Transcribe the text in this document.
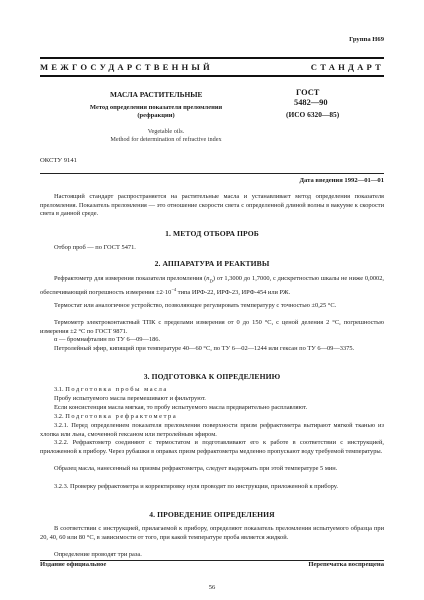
Группа Н69
МЕЖГОСУДАРСТВЕННЫЙ СТАНДАРТ
МАСЛА РАСТИТЕЛЬНЫЕ
Метод определения показателя преломления
(рефракции)
Vegetable oils.
Method for determination of refractive index
ГОСТ
5482—90
(ИСО 6320—85)
ОКСТУ 9141
Дата введения 1992—01—01
Настоящий стандарт распространяется на растительные масла и устанавливает метод определения показателя преломления. Показатель преломления — это отношение скорости света с определенной длиной волны в вакууме к скорости света в данной среде.
1. МЕТОД ОТБОРА ПРОБ
Отбор проб — по ГОСТ 5471.
2. АППАРАТУРА И РЕАКТИВЫ
Рефрактометр для измерения показателя преломления $(n_D)$ от 1,3000 до 1,7000, с дискретностью шкалы не ниже 0,0002, обеспечивающий погрешность измерения $\pm 2\cdot 10^{-4}$ типа ИРФ-22, ИРФ-23, ИРФ-454 или РЖ.
Термостат или аналогичное устройство, позволяющее регулировать температуру с точностью ±0,25 °С.
Термометр электроконтактный ТПК с пределами измерения от 0 до 150 °С, с ценой деления 2 °С, погрешностью измерения ±2 °С по ГОСТ 9871.
α — бромнафталин по ТУ 6—09—186.
Петролейный эфир, кипящий при температуре 40—60 °С, по ТУ 6—02—1244 или гексан по ТУ 6—09—3375.
3. ПОДГОТОВКА К ОПРЕДЕЛЕНИЮ
3.1. Подготовка пробы масла
Пробу испытуемого масла перемешивают и фильтруют.
Если консистенция масла мягкая, то пробу испытуемого масла предварительно расплавляют.
3.2. Подготовка рефрактометра
3.2.1. Перед определением показателя преломления поверхности призм рефрактометра вытирают мягкой тканью из хлопка или льна, смоченной гексаном или петролейным эфиром.
3.2.2. Рефрактометр соединяют с термостатом и подготавливают его к работе в соответствии с инструкцией, приложенной к прибору. Через рубашки в оправах призм рефрактометра медленно пропускают воду требуемой температуры.
Образец масла, нанесенный на призмы рефрактометра, следует выдержать при этой температуре 5 мин.
3.2.3. Проверку рефрактометра и корректировку нуля проводят по инструкции, приложенной к прибору.
4. ПРОВЕДЕНИЕ ОПРЕДЕЛЕНИЯ
В соответствии с инструкцией, прилагаемой к прибору, определяют показатель преломления испытуемого образца при 20, 40, 60 или 80 °С, в зависимости от того, при какой температуре проба является жидкой.
Определение проводят три раза.
Издание официальное	Перепечатка воспрещена
56
